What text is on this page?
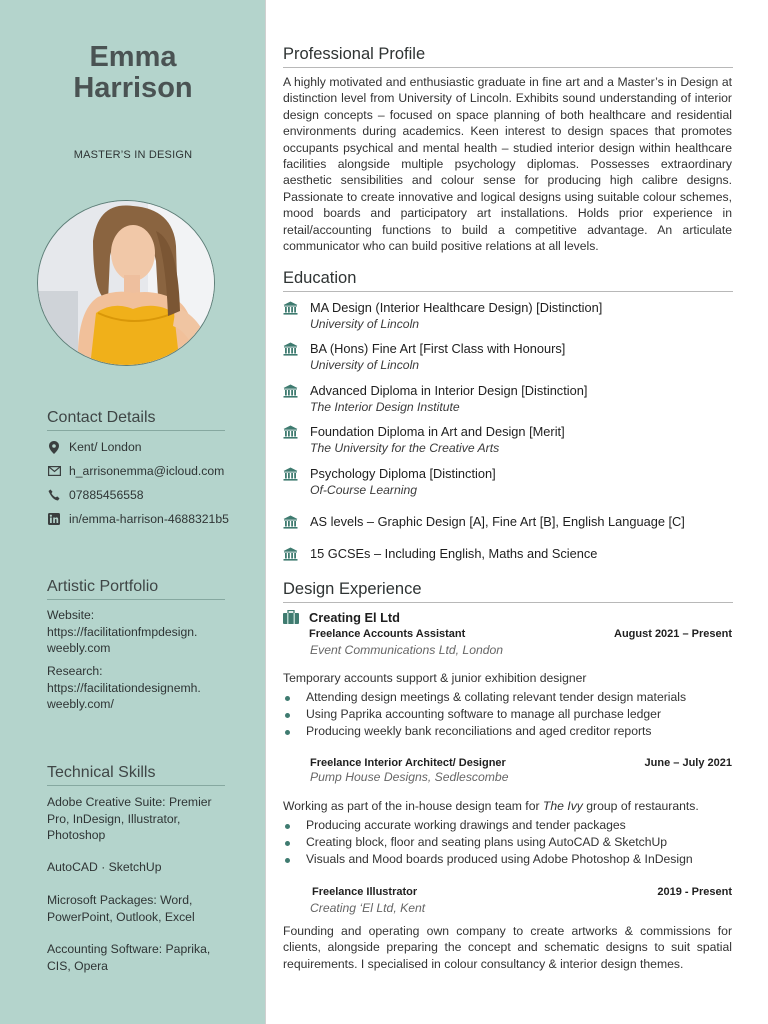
Emma
Harrison
MASTER’S IN DESIGN
Contact Details
Kent/ London
h_arrisonemma@icloud.com
07885456558
in/emma-harrison-4688321b5
Artistic Portfolio
Website:
https://facilitationfmpdesign.
weebly.com
Research:
https://facilitationdesignemh.
weebly.com/
Technical Skills
Adobe Creative Suite: Premier
Pro, InDesign, Illustrator,
Photoshop
AutoCAD · SketchUp
Microsoft Packages: Word,
PowerPoint, Outlook, Excel
Accounting Software: Paprika,
CIS, Opera
Professional Profile
A highly motivated and enthusiastic graduate in fine art and a Master’s in Design at distinction level from University of Lincoln. Exhibits sound understanding of interior design concepts – focused on space planning of both healthcare and residential environments during academics. Keen interest to design spaces that promotes occupants psychical and mental health – studied interior design within healthcare facilities alongside multiple psychology diplomas. Possesses extraordinary aesthetic sensibilities and colour sense for producing high calibre designs. Passionate to create innovative and logical designs using suitable colour schemes, mood boards and participatory art installations. Holds prior experience in retail/accounting functions to build a competitive advantage. An articulate communicator who can build positive relations at all levels.
Education
MA Design (Interior Healthcare Design) [Distinction]
University of Lincoln
BA (Hons) Fine Art [First Class with Honours]
University of Lincoln
Advanced Diploma in Interior Design [Distinction]
The Interior Design Institute
Foundation Diploma in Art and Design [Merit]
The University for the Creative Arts
Psychology Diploma [Distinction]
Of-Course Learning
AS levels – Graphic Design [A], Fine Art [B], English Language [C]
15 GCSEs – Including English, Maths and Science
Design Experience
Creating El Ltd
Freelance Accounts Assistant	August 2021 – Present
Event Communications Ltd, London
Temporary accounts support & junior exhibition designer
Attending design meetings & collating relevant tender design materials
Using Paprika accounting software to manage all purchase ledger
Producing weekly bank reconciliations and aged creditor reports
Freelance Interior Architect/ Designer	June – July 2021
Pump House Designs, Sedlescombe
Working as part of the in-house design team for The Ivy group of restaurants.
Producing accurate working drawings and tender packages
Creating block, floor and seating plans using AutoCAD & SketchUp
Visuals and Mood boards produced using Adobe Photoshop & InDesign
Freelance Illustrator	2019 - Present
Creating ‘El Ltd, Kent
Founding and operating own company to create artworks & commissions for clients, alongside preparing the concept and schematic designs to suit spatial requirements. I specialised in colour consultancy & interior design themes.
